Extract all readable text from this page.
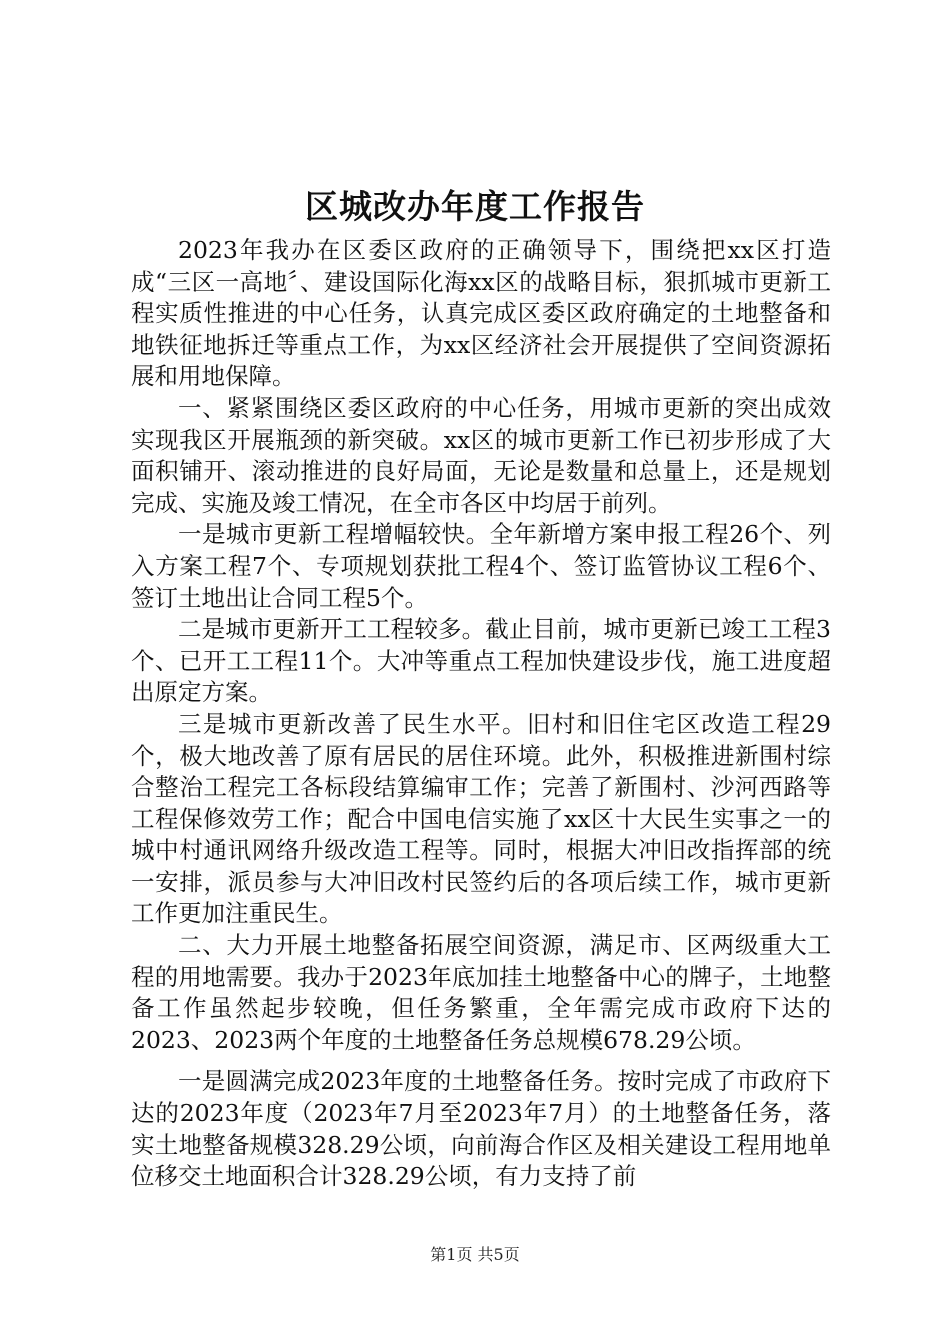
区城改办年度工作报告

2023年我办在区委区政府的正确领导下，围绕把xx区打造成“三区一高地〞、建设国际化海xx区的战略目标，狠抓城市更新工程实质性推进的中心任务，认真完成区委区政府确定的土地整备和地铁征地拆迁等重点工作，为xx区经济社会开展提供了空间资源拓展和用地保障。

一、紧紧围绕区委区政府的中心任务，用城市更新的突出成效实现我区开展瓶颈的新突破。xx区的城市更新工作已初步形成了大面积铺开、滚动推进的良好局面，无论是数量和总量上，还是规划完成、实施及竣工情况，在全市各区中均居于前列。

一是城市更新工程增幅较快。全年新增方案申报工程26个、列入方案工程7个、专项规划获批工程4个、签订监管协议工程6个、签订土地出让合同工程5个。

二是城市更新开工工程较多。截止目前，城市更新已竣工工程3个、已开工工程11个。大冲等重点工程加快建设步伐，施工进度超出原定方案。

三是城市更新改善了民生水平。旧村和旧住宅区改造工程29个，极大地改善了原有居民的居住环境。此外，积极推进新围村综合整治工程完工各标段结算编审工作；完善了新围村、沙河西路等工程保修效劳工作；配合中国电信实施了xx区十大民生实事之一的城中村通讯网络升级改造工程等。同时，根据大冲旧改指挥部的统一安排，派员参与大冲旧改村民签约后的各项后续工作，城市更新工作更加注重民生。

二、大力开展土地整备拓展空间资源，满足市、区两级重大工程的用地需要。我办于2023年底加挂土地整备中心的牌子，土地整备工作虽然起步较晚，但任务繁重，全年需完成市政府下达的2023、2023两个年度的土地整备任务总规模678.29公顷。

一是圆满完成2023年度的土地整备任务。按时完成了市政府下达的2023年度（2023年7月至2023年7月）的土地整备任务，落实土地整备规模328.29公顷，向前海合作区及相关建设工程用地单位移交土地面积合计328.29公顷，有力支持了前

第1页 共5页
